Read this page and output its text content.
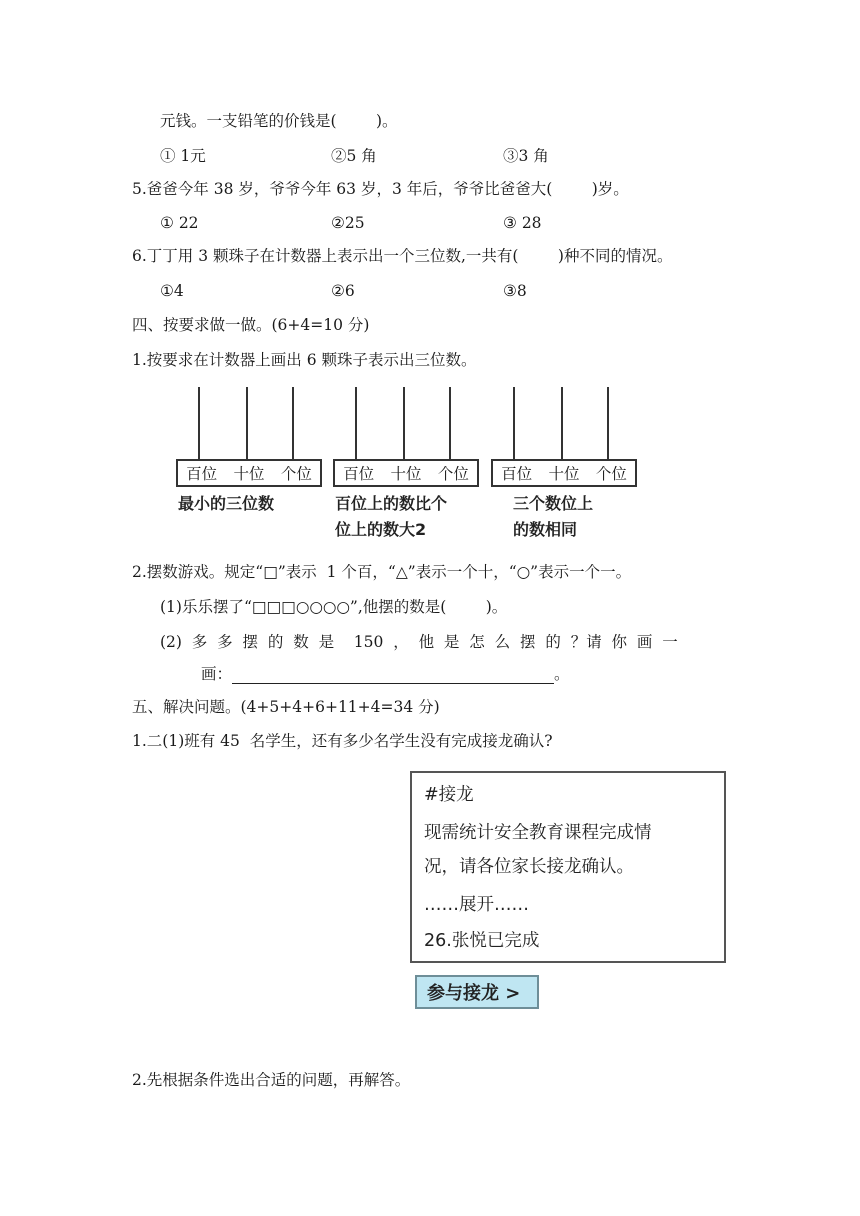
元钱。一支铅笔的价钱是(        )。
① 1元	②5 角	③3 角
5.爸爸今年 38 岁，爷爷今年 63 岁，3 年后，爷爷比爸爸大(        )岁。
① 22	②25	③ 28
6.丁丁用 3 颗珠子在计数器上表示出一个三位数,一共有(        )种不同的情况。
①4	②6	③8
四、按要求做一做。(6+4=10 分)
1.按要求在计数器上画出 6 颗珠子表示出三位数。
百位 十位 个位
最小的三位数
百位 十位 个位
百位上的数比个
位上的数大2
百位 十位 个位
三个数位上
的数相同
2.摆数游戏。规定“□”表示  1 个百，“△”表示一个十，“○”表示一个一。
(1)乐乐摆了“□□□○○○○”,他摆的数是(        )。
(2)  多  多  摆  的  数  是    150  ，  他  是  怎  么  摆  的  ？请  你  画  一
画：	。
五、解决问题。(4+5+4+6+11+4=34 分)
1.二(1)班有 45  名学生，还有多少名学生没有完成接龙确认?
#接龙
现需统计安全教育课程完成情
况，请各位家长接龙确认。
……展开……
26.张悦已完成
参与接龙 >
2.先根据条件选出合适的问题，再解答。
